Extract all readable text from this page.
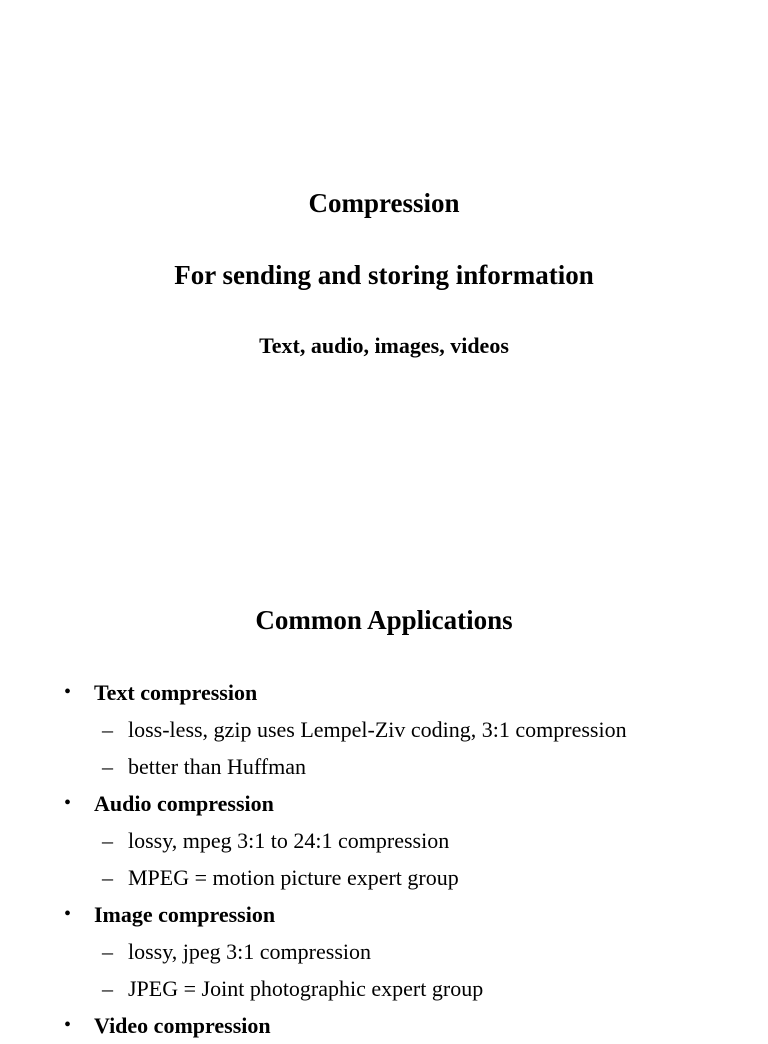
Compression
For sending and storing information
Text, audio, images, videos
Common Applications
• Text compression
– loss-less, gzip uses Lempel-Ziv coding, 3:1 compression
– better than Huffman
• Audio compression
– lossy, mpeg 3:1 to 24:1 compression
– MPEG = motion picture expert group
• Image compression
– lossy, jpeg 3:1 compression
– JPEG = Joint photographic expert group
• Video compression
